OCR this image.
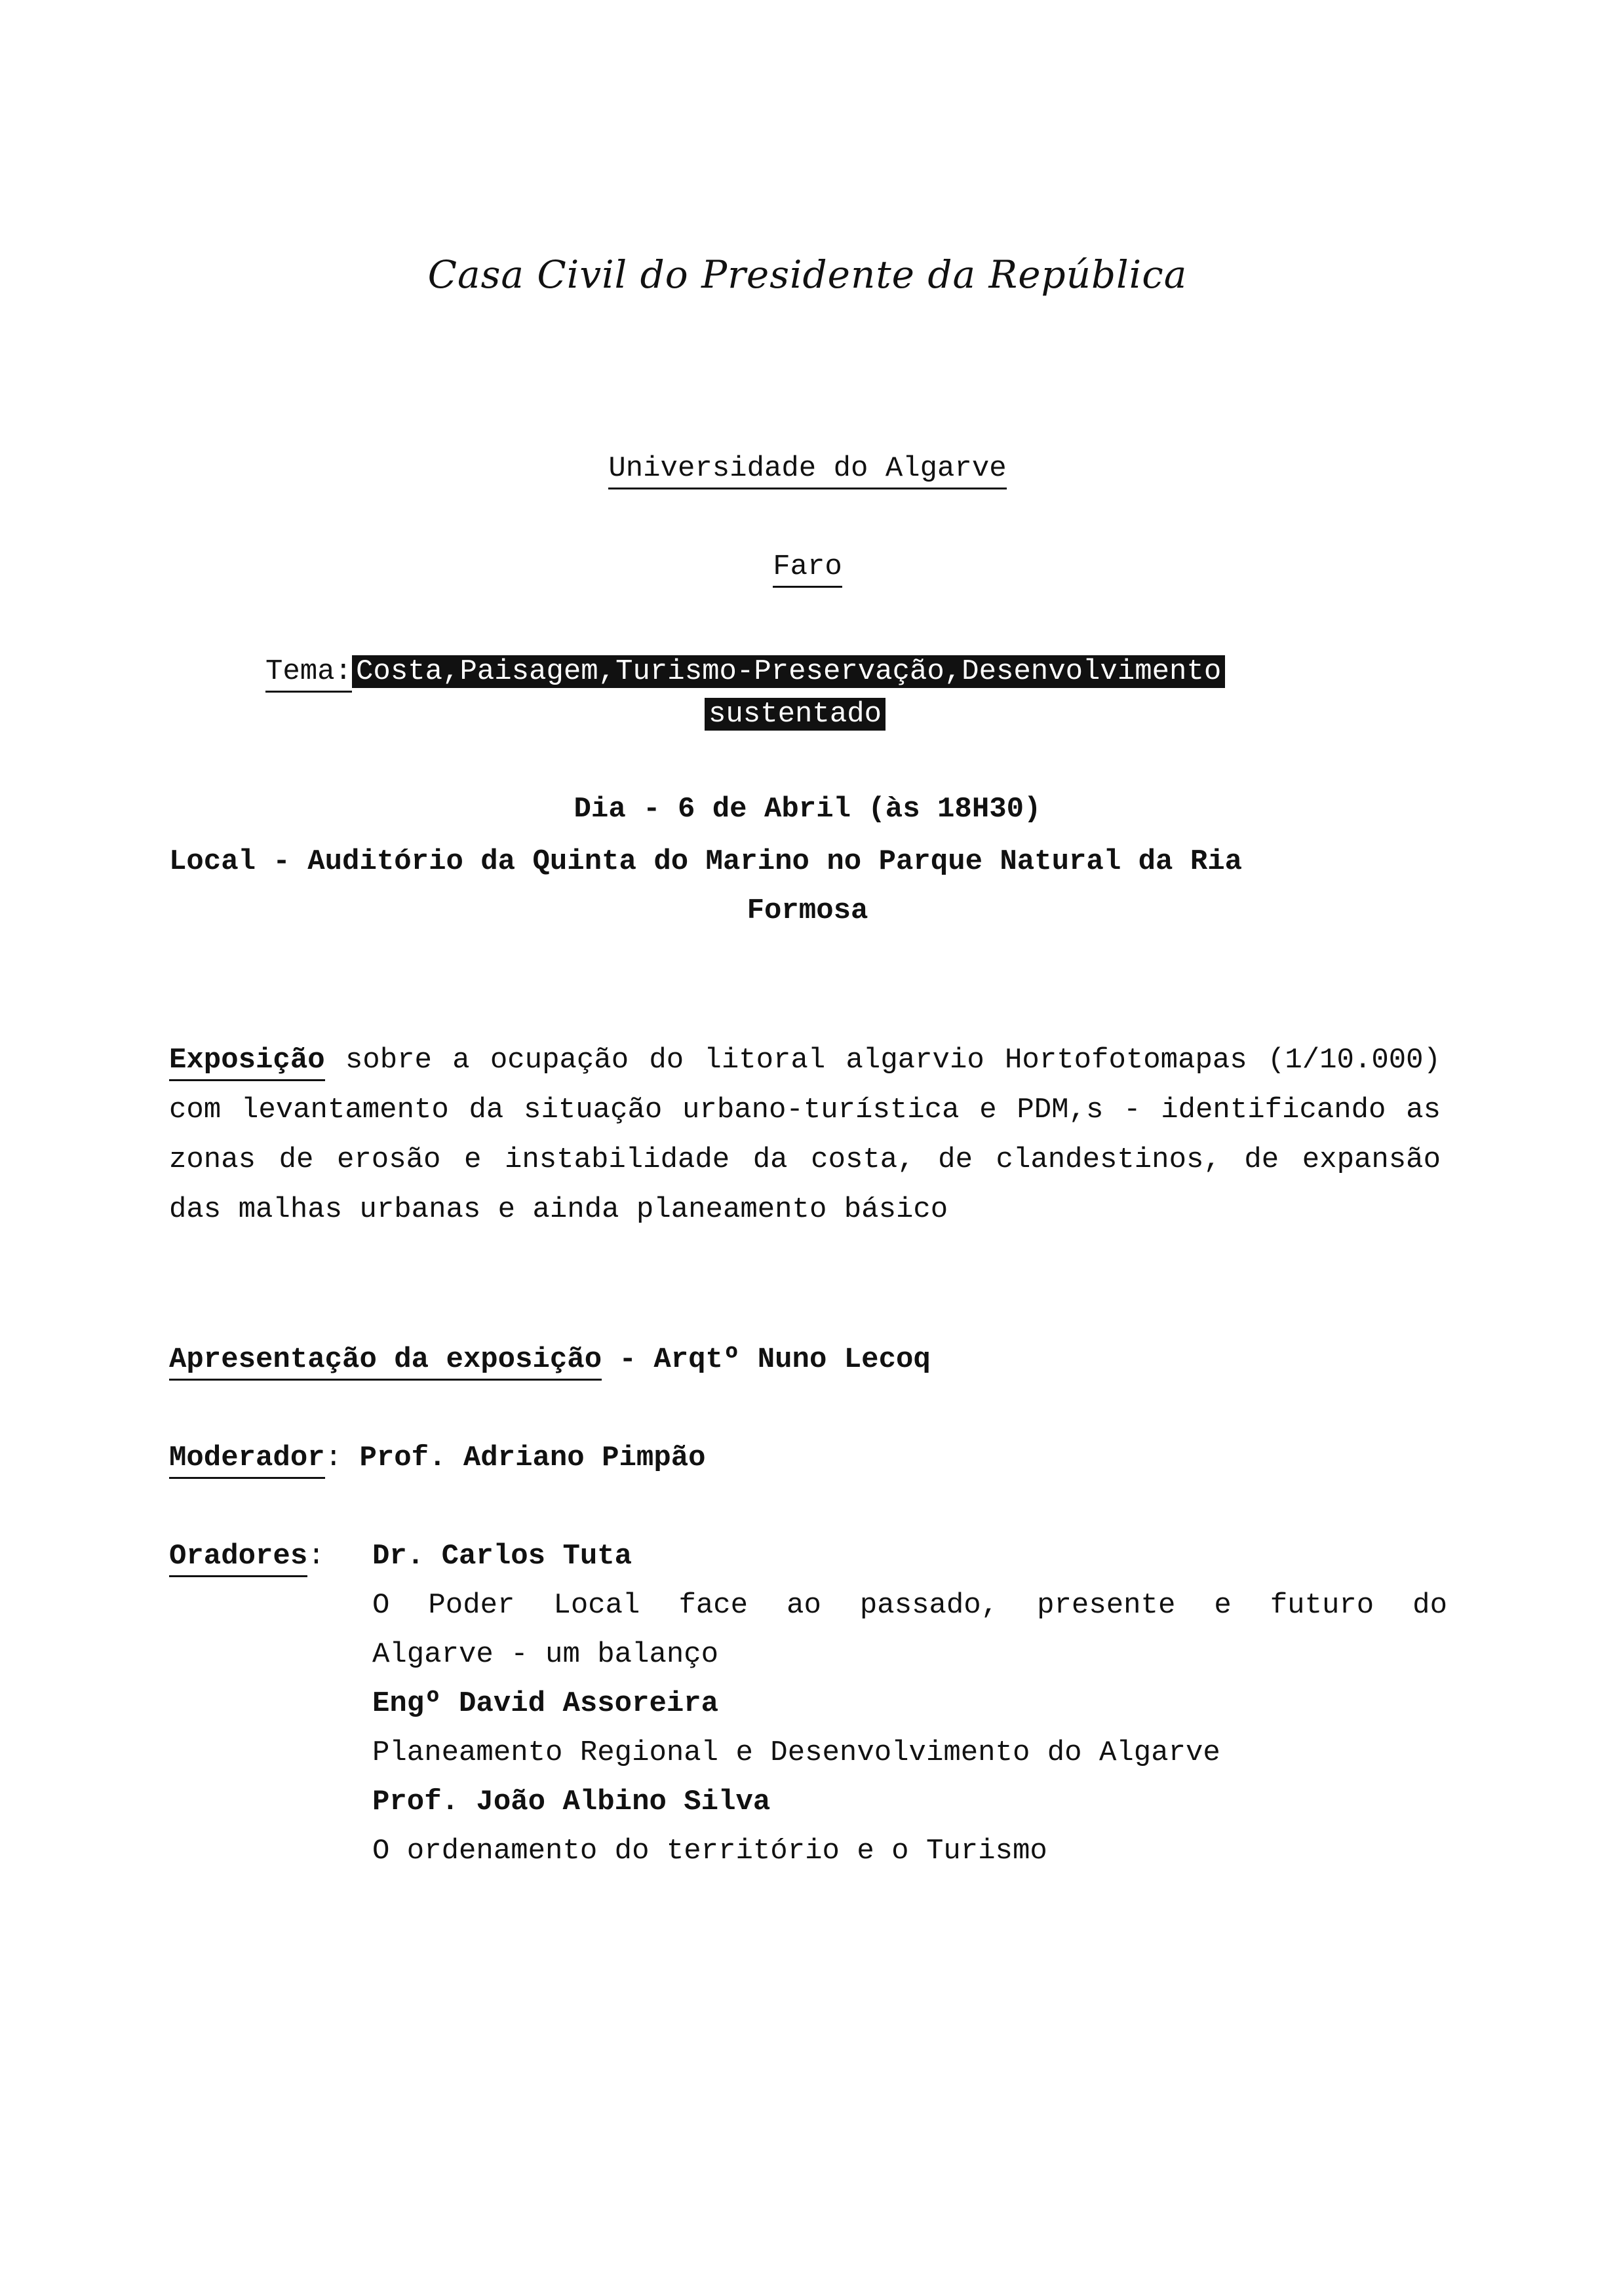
Casa Civil do Presidente da República
Universidade do Algarve
Faro
Tema: Costa,Paisagem,Turismo-Preservação,Desenvolvimento
sustentado
Dia - 6 de Abril (às 18H30)
Local - Auditório da Quinta do Marino no Parque Natural da Ria
Formosa
Exposição sobre a ocupação do litoral algarvio Hortofotomapas (1/10.000) com levantamento da situação urbano-turística e PDM,s - identificando as zonas de erosão e instabilidade da costa, de clandestinos, de expansão das malhas urbanas e ainda planeamento básico
Apresentação da exposição - Arqtº Nuno Lecoq
Moderador: Prof. Adriano Pimpão
Oradores: Dr. Carlos Tuta
O Poder Local face ao passado, presente e futuro do
Algarve - um balanço
Engº David Assoreira
Planeamento Regional e Desenvolvimento do Algarve
Prof. João Albino Silva
O ordenamento do território e o Turismo
